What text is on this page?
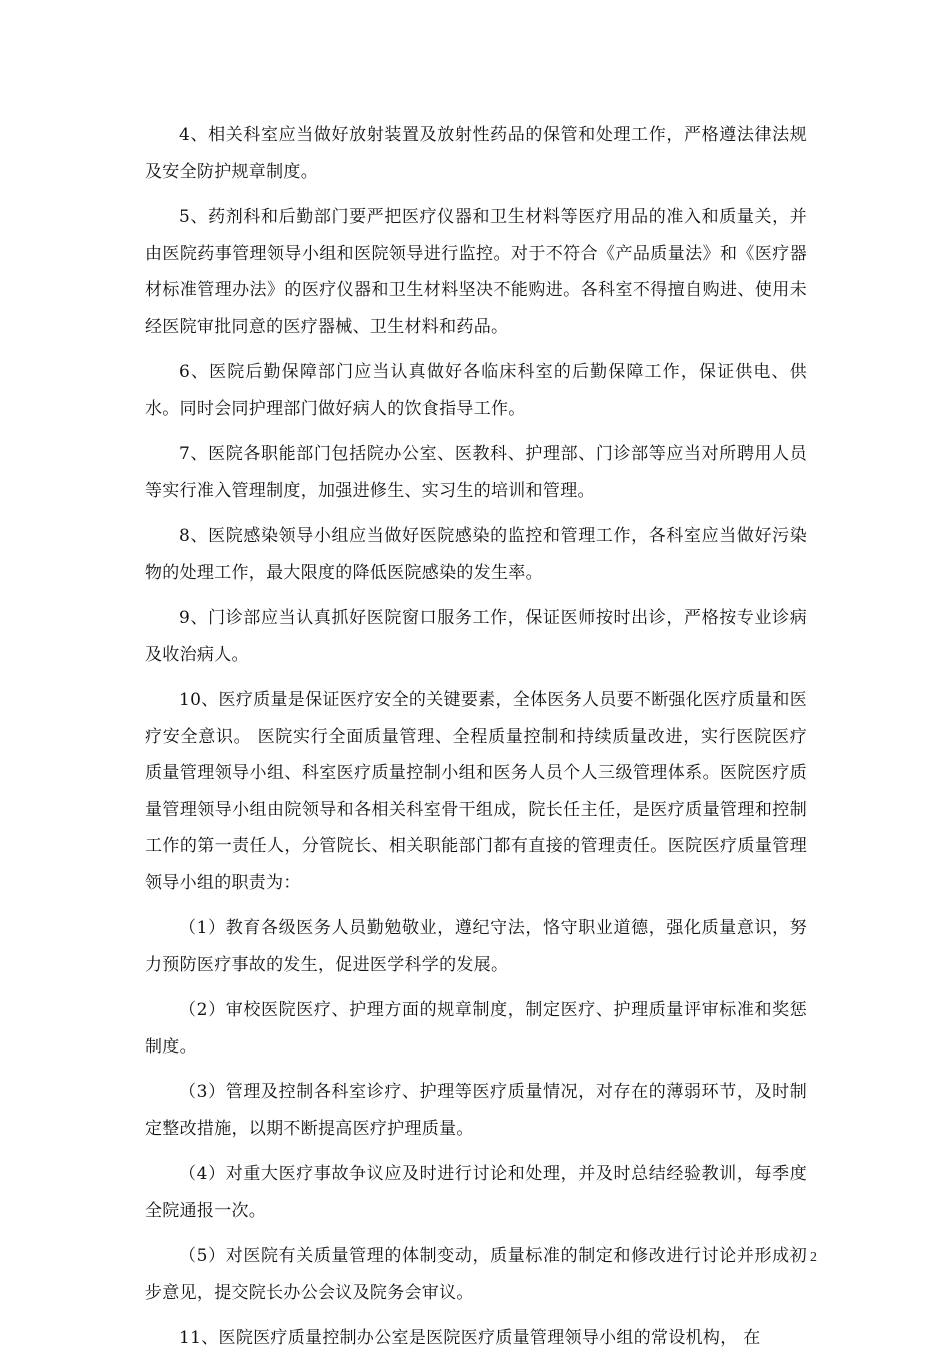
4、相关科室应当做好放射装置及放射性药品的保管和处理工作，严格遵法律法规及安全防护规章制度。

5、药剂科和后勤部门要严把医疗仪器和卫生材料等医疗用品的准入和质量关，并由医院药事管理领导小组和医院领导进行监控。对于不符合《产品质量法》和《医疗器材标准管理办法》的医疗仪器和卫生材料坚决不能购进。各科室不得擅自购进、使用未经医院审批同意的医疗器械、卫生材料和药品。

6、医院后勤保障部门应当认真做好各临床科室的后勤保障工作，保证供电、供水。同时会同护理部门做好病人的饮食指导工作。

7、医院各职能部门包括院办公室、医教科、护理部、门诊部等应当对所聘用人员等实行准入管理制度，加强进修生、实习生的培训和管理。

8、医院感染领导小组应当做好医院感染的监控和管理工作，各科室应当做好污染物的处理工作，最大限度的降低医院感染的发生率。

9、门诊部应当认真抓好医院窗口服务工作，保证医师按时出诊，严格按专业诊病及收治病人。

10、医疗质量是保证医疗安全的关键要素，全体医务人员要不断强化医疗质量和医疗安全意识。 医院实行全面质量管理、全程质量控制和持续质量改进，实行医院医疗质量管理领导小组、科室医疗质量控制小组和医务人员个人三级管理体系。医院医疗质量管理领导小组由院领导和各相关科室骨干组成，院长任主任，是医疗质量管理和控制工作的第一责任人，分管院长、相关职能部门都有直接的管理责任。医院医疗质量管理领导小组的职责为：

（1）教育各级医务人员勤勉敬业，遵纪守法，恪守职业道德，强化质量意识，努力预防医疗事故的发生，促进医学科学的发展。

（2）审校医院医疗、护理方面的规章制度，制定医疗、护理质量评审标准和奖惩制度。

（3）管理及控制各科室诊疗、护理等医疗质量情况，对存在的薄弱环节，及时制定整改措施，以期不断提高医疗护理质量。

（4）对重大医疗事故争议应及时进行讨论和处理，并及时总结经验教训，每季度全院通报一次。

（5）对医院有关质量管理的体制变动，质量标准的制定和修改进行讨论并形成初步意见，提交院长办公会议及院务会审议。

11、医院医疗质量控制办公室是医院医疗质量管理领导小组的常设机构， 在

2
